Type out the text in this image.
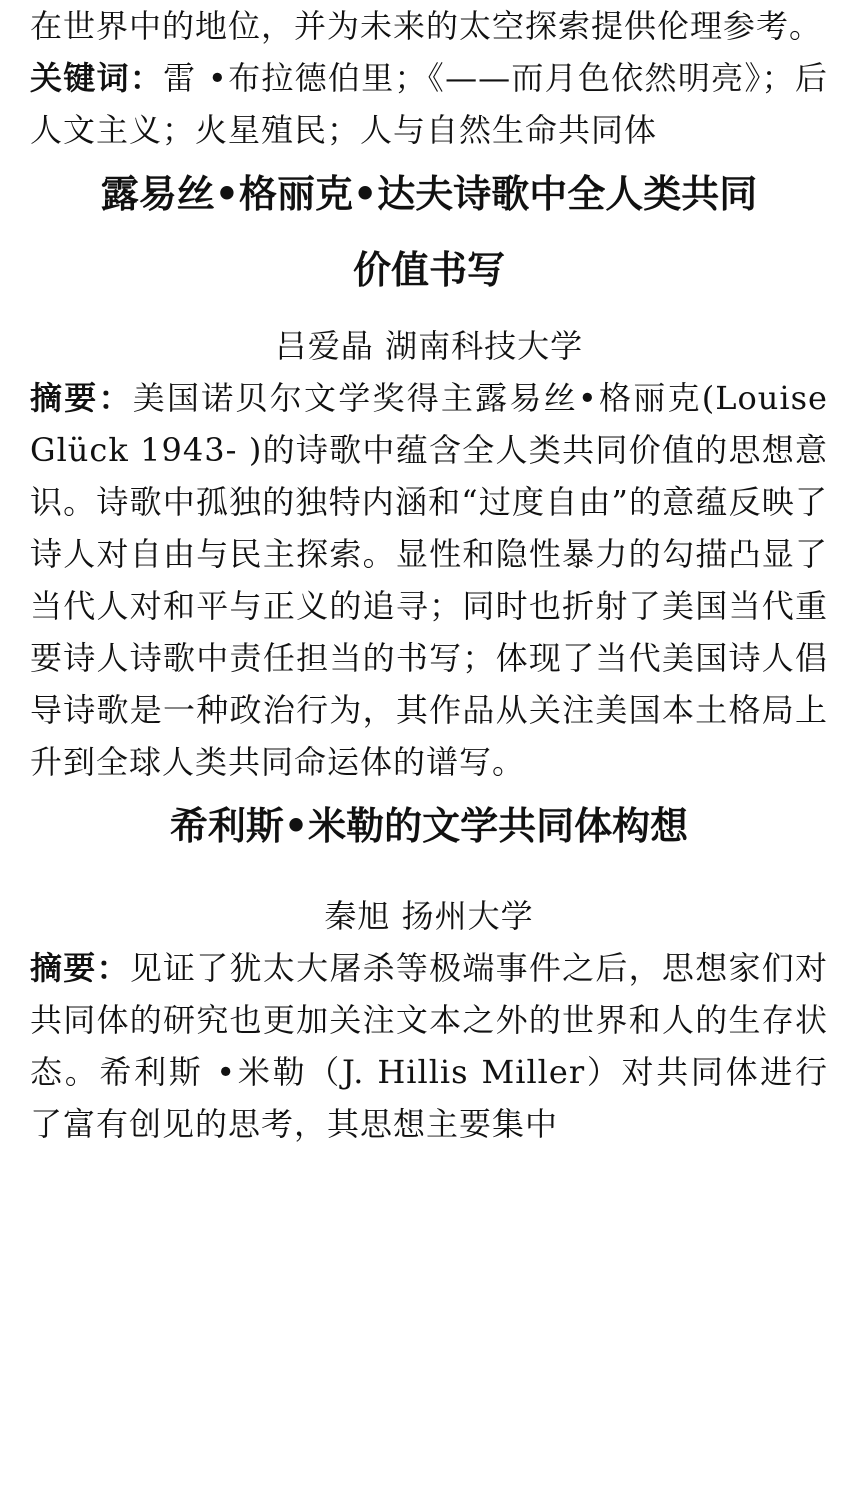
在世界中的地位，并为未来的太空探索提供伦理参考。

关键词：雷 •布拉德伯里；《——而月色依然明亮》；后人文主义；火星殖民；人与自然生命共同体

露易丝•格丽克•达夫诗歌中全人类共同
价值书写

吕爱晶 湖南科技大学

摘要：美国诺贝尔文学奖得主露易丝•格丽克(Louise Glück 1943- )的诗歌中蕴含全人类共同价值的思想意识。诗歌中孤独的独特内涵和“过度自由”的意蕴反映了诗人对自由与民主探索。显性和隐性暴力的勾描凸显了当代人对和平与正义的追寻；同时也折射了美国当代重要诗人诗歌中责任担当的书写；体现了当代美国诗人倡导诗歌是一种政治行为，其作品从关注美国本土格局上升到全球人类共同命运体的谱写。

希利斯•米勒的文学共同体构想

秦旭 扬州大学

摘要：见证了犹太大屠杀等极端事件之后，思想家们对共同体的研究也更加关注文本之外的世界和人的生存状态。希利斯 •米勒（J. Hillis Miller）对共同体进行了富有创见的思考，其思想主要集中
